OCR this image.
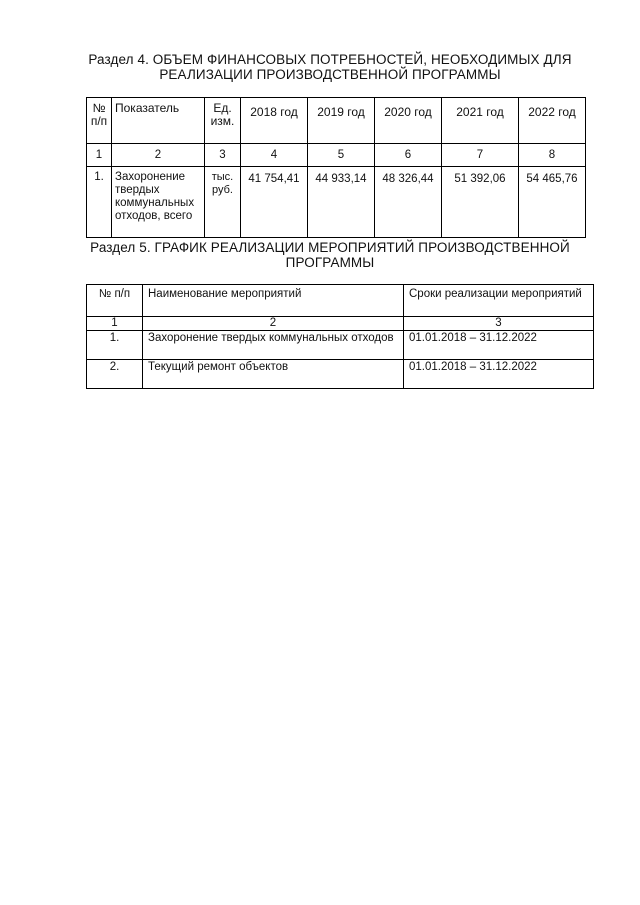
Раздел 4. ОБЪЕМ ФИНАНСОВЫХ ПОТРЕБНОСТЕЙ, НЕОБХОДИМЫХ ДЛЯ РЕАЛИЗАЦИИ ПРОИЗВОДСТВЕННОЙ ПРОГРАММЫ
№ п/п	Показатель	Ед. изм.	2018 год	2019 год	2020 год	2021 год	2022 год
1	2	3	4	5	6	7	8
1.	Захоронение твердых коммунальных отходов, всего	тыс. руб.	41 754,41	44 933,14	48 326,44	51 392,06	54 465,76
Раздел 5. ГРАФИК РЕАЛИЗАЦИИ МЕРОПРИЯТИЙ ПРОИЗВОДСТВЕННОЙ ПРОГРАММЫ
№ п/п	Наименование мероприятий	Сроки реализации мероприятий
1	2	3
1.	Захоронение твердых коммунальных отходов	01.01.2018 – 31.12.2022
2.	Текущий ремонт объектов	01.01.2018 – 31.12.2022
